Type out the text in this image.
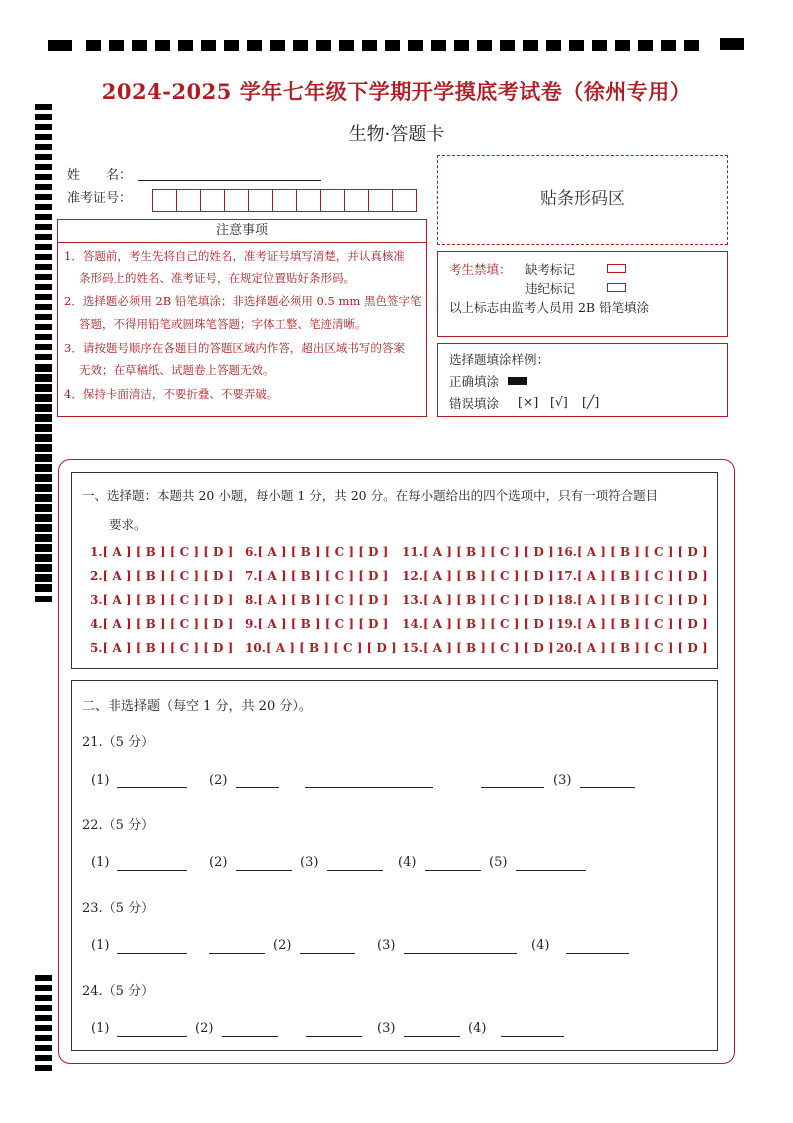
2024-2025 学年七年级下学期开学摸底考试卷（徐州专用）
生物·答题卡
姓　　名：
准考证号：	贴条形码区
注意事项
1．答题前，考生先将自己的姓名，准考证号填写清楚，并认真核准
条形码上的姓名、准考证号，在规定位置贴好条形码。
2．选择题必须用 2B 铅笔填涂；非选择题必须用 0.5 mm 黑色签字笔
答题，不得用铅笔或圆珠笔答题；字体工整、笔迹清晰。
3．请按题号顺序在各题目的答题区域内作答，超出区域书写的答案
无效；在草稿纸、试题卷上答题无效。
4．保持卡面清洁，不要折叠、不要弄破。
考生禁填： 缺考标记
违纪标记
以上标志由监考人员用 2B 铅笔填涂
选择题填涂样例：
正确填涂
错误填涂 [×] [√] [╱]
一、选择题：本题共 20 小题，每小题 1 分，共 20 分。在每小题给出的四个选项中，只有一项符合题目
要求。
1.[ A ] [ B ] [ C ] [ D ]
2.[ A ] [ B ] [ C ] [ D ]
3.[ A ] [ B ] [ C ] [ D ]
4.[ A ] [ B ] [ C ] [ D ]
5.[ A ] [ B ] [ C ] [ D ]
6.[ A ] [ B ] [ C ] [ D ]
7.[ A ] [ B ] [ C ] [ D ]
8.[ A ] [ B ] [ C ] [ D ]
9.[ A ] [ B ] [ C ] [ D ]
10.[ A ] [ B ] [ C ] [ D ]
11.[ A ] [ B ] [ C ] [ D ]
12.[ A ] [ B ] [ C ] [ D ]
13.[ A ] [ B ] [ C ] [ D ]
14.[ A ] [ B ] [ C ] [ D ]
15.[ A ] [ B ] [ C ] [ D ]
16.[ A ] [ B ] [ C ] [ D ]
17.[ A ] [ B ] [ C ] [ D ]
18.[ A ] [ B ] [ C ] [ D ]
19.[ A ] [ B ] [ C ] [ D ]
20.[ A ] [ B ] [ C ] [ D ]
二、非选择题（每空 1 分，共 20 分）。
21.（5 分）
(1)	(2)	(3)
22.（5 分）
(1)	(2)	(3)	(4)	(5)
23.（5 分）
(1)	(2)	(3)	(4)
24.（5 分）
(1)	(2)	(3)	(4)
